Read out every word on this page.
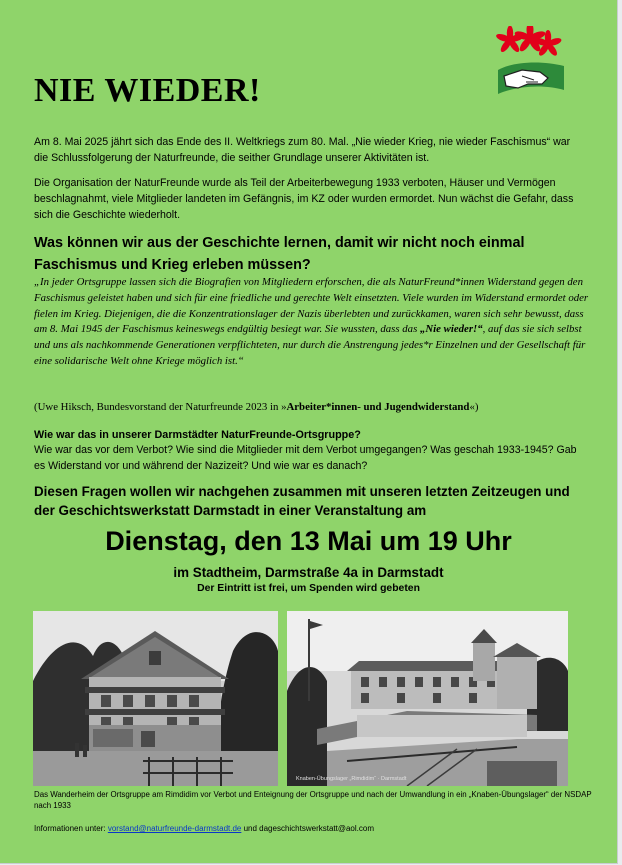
NIE WIEDER!

Am 8. Mai 2025 jährt sich das Ende des II. Weltkriegs zum 80. Mal. „Nie wieder Krieg, nie wieder Faschismus“ war die Schlussfolgerung der Naturfreunde, die seither Grundlage unserer Aktivitäten ist.

Die Organisation der NaturFreunde wurde als Teil der Arbeiterbewegung 1933 verboten, Häuser und Vermögen beschlagnahmt, viele Mitglieder landeten im Gefängnis, im KZ oder wurden ermordet. Nun wächst die Gefahr, dass sich die Geschichte wiederholt.

Was können wir aus der Geschichte lernen, damit wir nicht noch einmal Faschismus und Krieg erleben müssen?

„In jeder Ortsgruppe lassen sich die Biografien von Mitgliedern erforschen, die als NaturFreund*innen Widerstand gegen den Faschismus geleistet haben und sich für eine friedliche und gerechte Welt einsetzten. Viele wurden im Widerstand ermordet oder fielen im Krieg. Diejenigen, die die Konzentrationslager der Nazis überlebten und zurückkamen, waren sich sehr bewusst, dass am 8. Mai 1945 der Faschismus keineswegs endgültig besiegt war. Sie wussten, dass das „Nie wieder!“, auf das sie sich selbst und uns als nachkommende Generationen verpflichteten, nur durch die Anstrengung jedes*r Einzelnen und der Gesellschaft für eine solidarische Welt ohne Kriege möglich ist.“

(Uwe Hiksch, Bundesvorstand der Naturfreunde 2023 in »Arbeiter*innen- und Jugendwiderstand«)

Wie war das in unserer Darmstädter NaturFreunde-Ortsgruppe?

Wie war das vor dem Verbot? Wie sind die Mitglieder mit dem Verbot umgegangen? Was geschah 1933-1945? Gab es Widerstand vor und während der Nazizeit? Und wie war es danach?

Diesen Fragen wollen wir nachgehen zusammen mit unseren letzten Zeitzeugen und der Geschichtswerkstatt Darmstadt in einer Veranstaltung am

Dienstag, den 13 Mai um 19 Uhr

im Stadtheim, Darmstraße 4a in Darmstadt

Der Eintritt ist frei, um Spenden wird gebeten

Knaben-Übungslager „Rimdidim“ · Darmstadt

Das Wanderheim der Ortsgruppe am Rimdidim vor Verbot und Enteignung der Ortsgruppe und nach der Umwandlung in ein „Knaben-Übungslager“ der NSDAP nach 1933

Informationen unter: vorstand@naturfreunde-darmstadt.de und dageschichtswerkstatt@aol.com
